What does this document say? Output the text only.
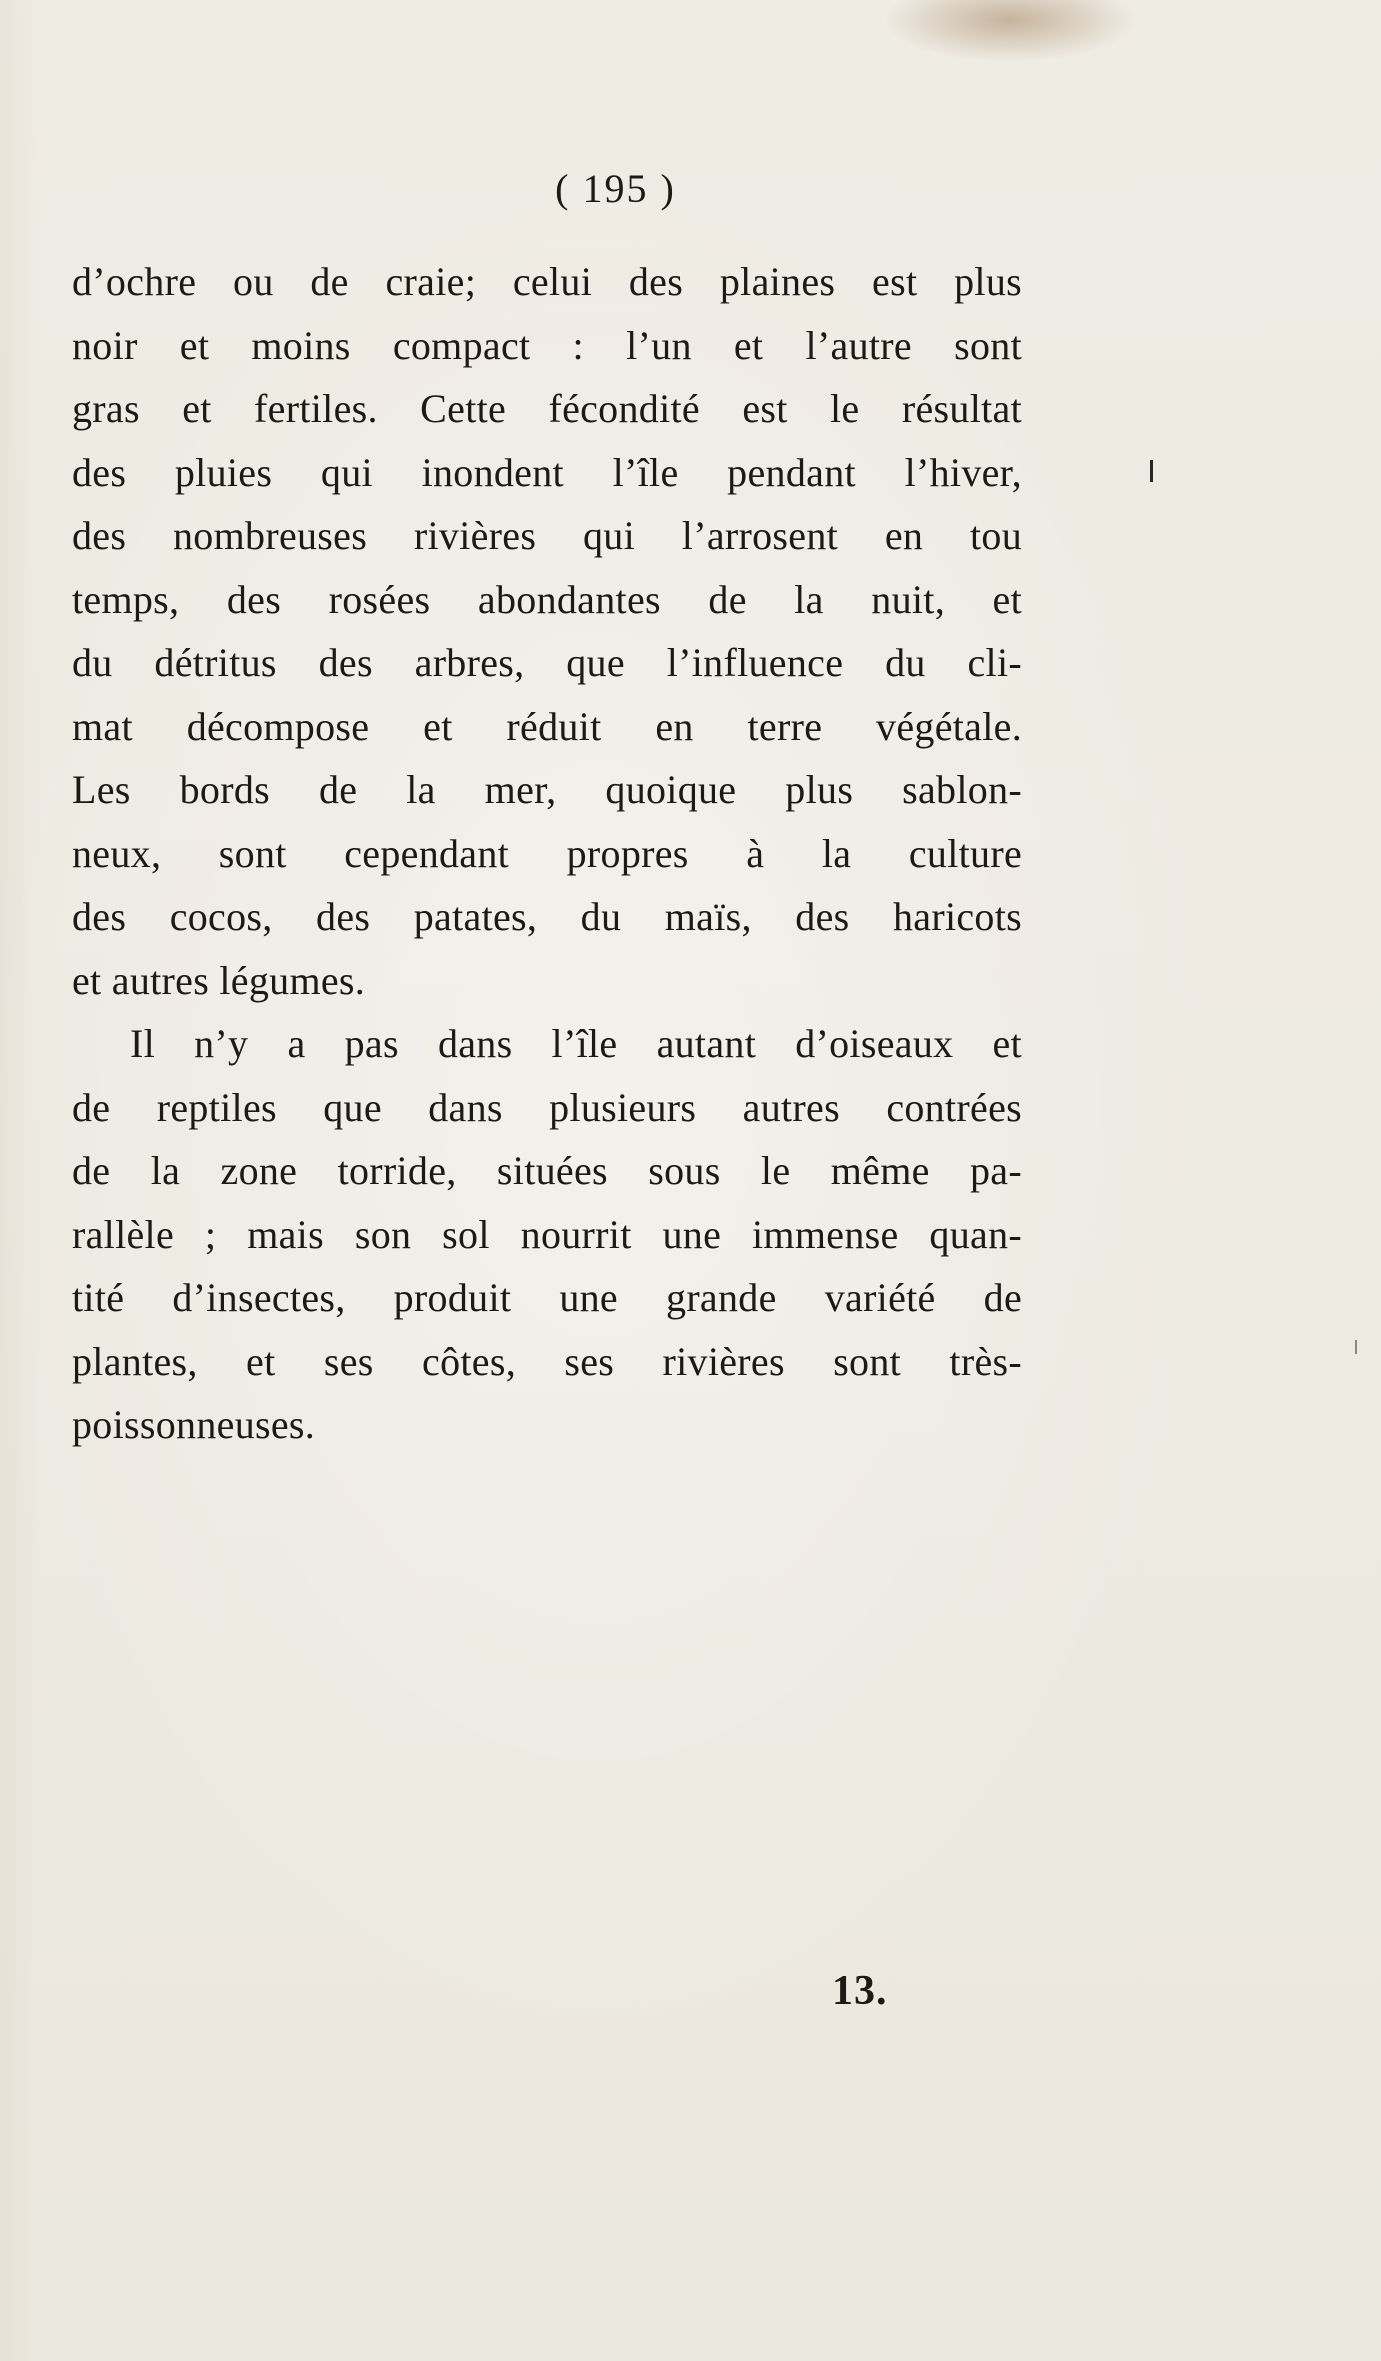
( 195 )
d’ochre ou de craie; celui des plaines est plus
noir et moins compact : l’un et l’autre sont
gras et fertiles. Cette fécondité est le résultat
des pluies qui inondent l’île pendant l’hiver,
des nombreuses rivières qui l’arrosent en tou
temps, des rosées abondantes de la nuit, et
du détritus des arbres, que l’influence du cli-
mat décompose et réduit en terre végétale.
Les bords de la mer, quoique plus sablon-
neux, sont cependant propres à la culture
des cocos, des patates, du maïs, des haricots
et autres légumes.
Il n’y a pas dans l’île autant d’oiseaux et
de reptiles que dans plusieurs autres contrées
de la zone torride, situées sous le même pa-
rallèle ; mais son sol nourrit une immense quan-
tité d’insectes, produit une grande variété de
plantes, et ses côtes, ses rivières sont très-
poissonneuses.
13.
